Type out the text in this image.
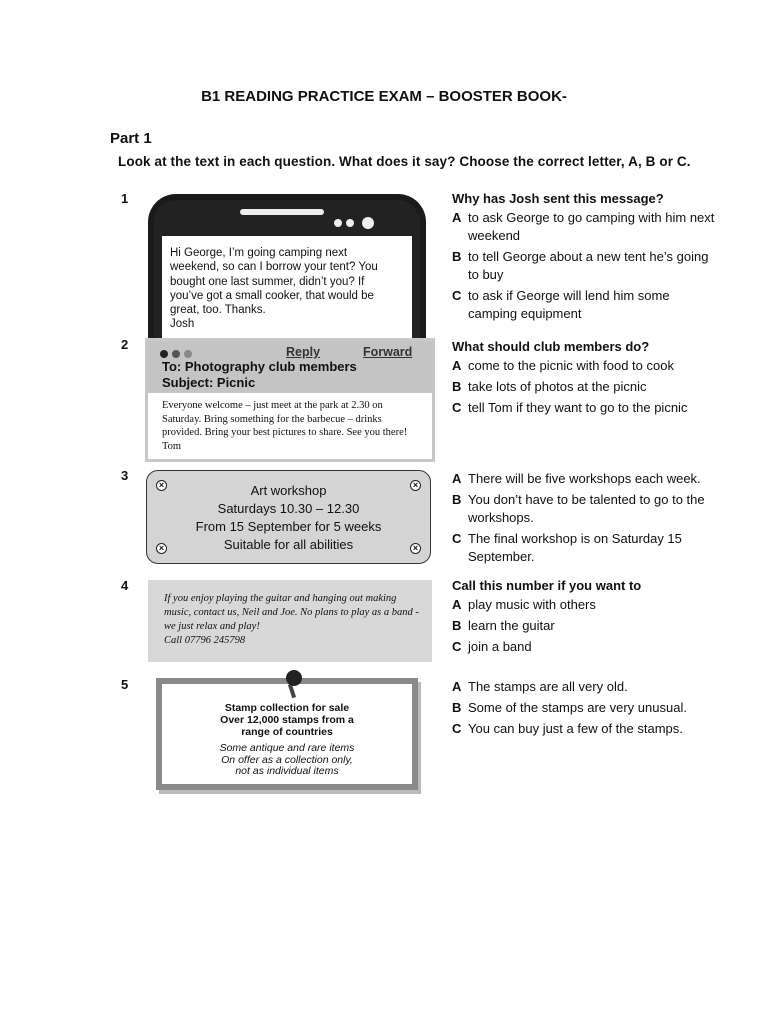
B1 READING PRACTICE EXAM – BOOSTER BOOK-
Part 1
Look at the text in each question. What does it say? Choose the correct letter, A, B or C.
1
Hi George, I’m going camping next
weekend, so can I borrow your tent? You
bought one last summer, didn’t you? If
you’ve got a small cooker, that would be
great, too. Thanks.
Josh
Why has Josh sent this message?
A to ask George to go camping with him next weekend
B to tell George about a new tent he’s going to buy
C to ask if George will lend him some camping equipment
2	Reply	Forward
To: Photography club members
Subject: Picnic
Everyone welcome – just meet at the park at 2.30 on
Saturday. Bring something for the barbecue – drinks
provided. Bring your best pictures to share. See you there!
Tom
What should club members do?
A come to the picnic with food to cook
B take lots of photos at the picnic
C tell Tom if they want to go to the picnic
3
×	×
×	×
Art workshop
Saturdays 10.30 – 12.30
From 15 September for 5 weeks
Suitable for all abilities
A There will be five workshops each week.
B You don’t have to be talented to go to the workshops.
C The final workshop is on Saturday 15 September.
4
If you enjoy playing the guitar and hanging out making
music, contact us, Neil and Joe. No plans to play as a band -
we just relax and play!
Call 07796 245798
Call this number if you want to
A play music with others
B learn the guitar
C join a band
5
Stamp collection for sale
Over 12,000 stamps from a
range of countries
Some antique and rare items
On offer as a collection only,
not as individual items
A The stamps are all very old.
B Some of the stamps are very unusual.
C You can buy just a few of the stamps.
